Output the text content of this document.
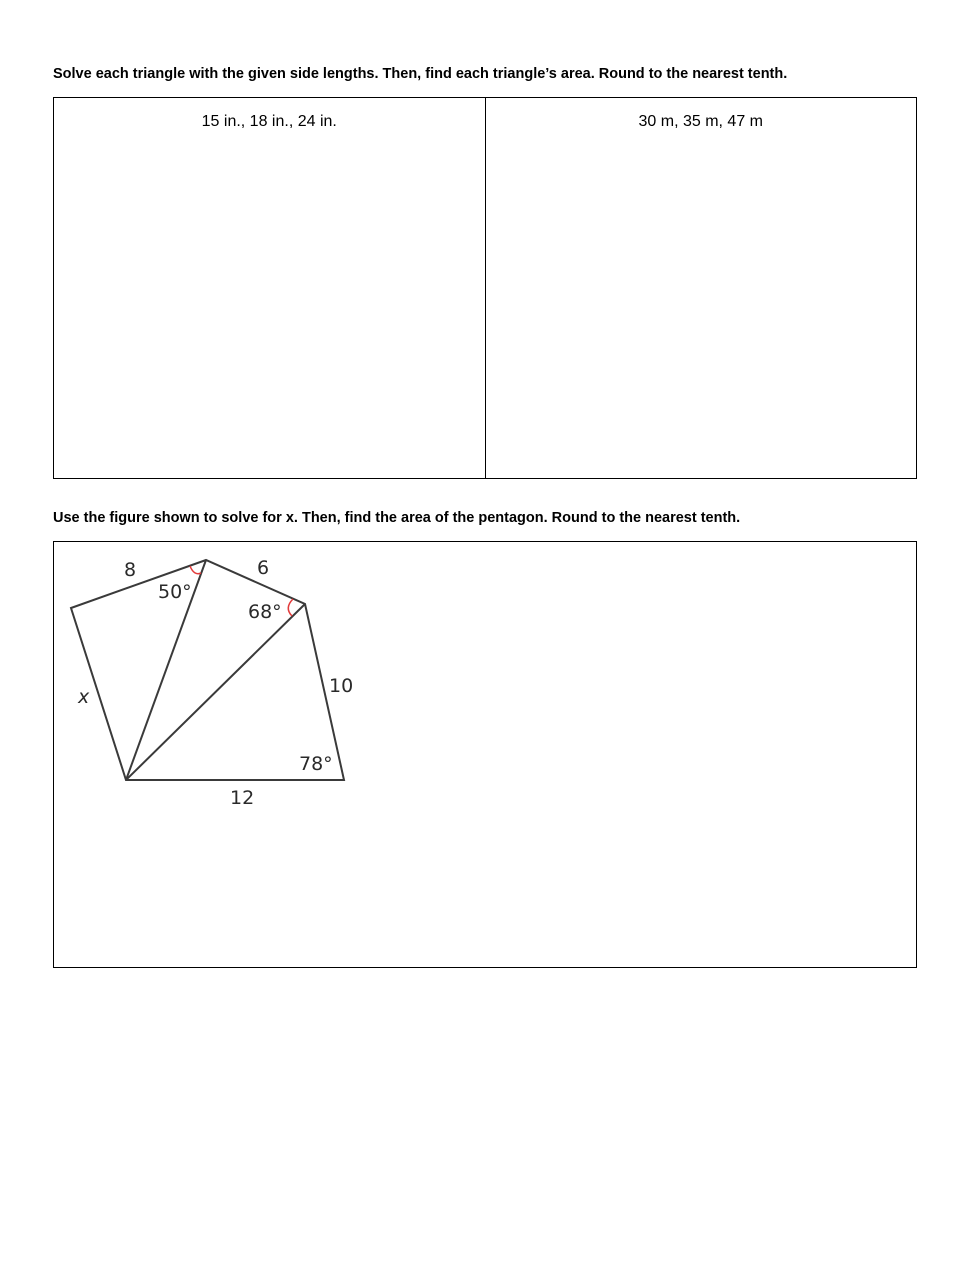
Solve each triangle with the given side lengths. Then, find each triangle’s area. Round to the nearest tenth.
15 in., 18 in., 24 in.	30 m, 35 m, 47 m
Use the figure shown to solve for x. Then, find the area of the pentagon. Round to the nearest tenth.
8	6
10
12
x
50°
68°
78°
